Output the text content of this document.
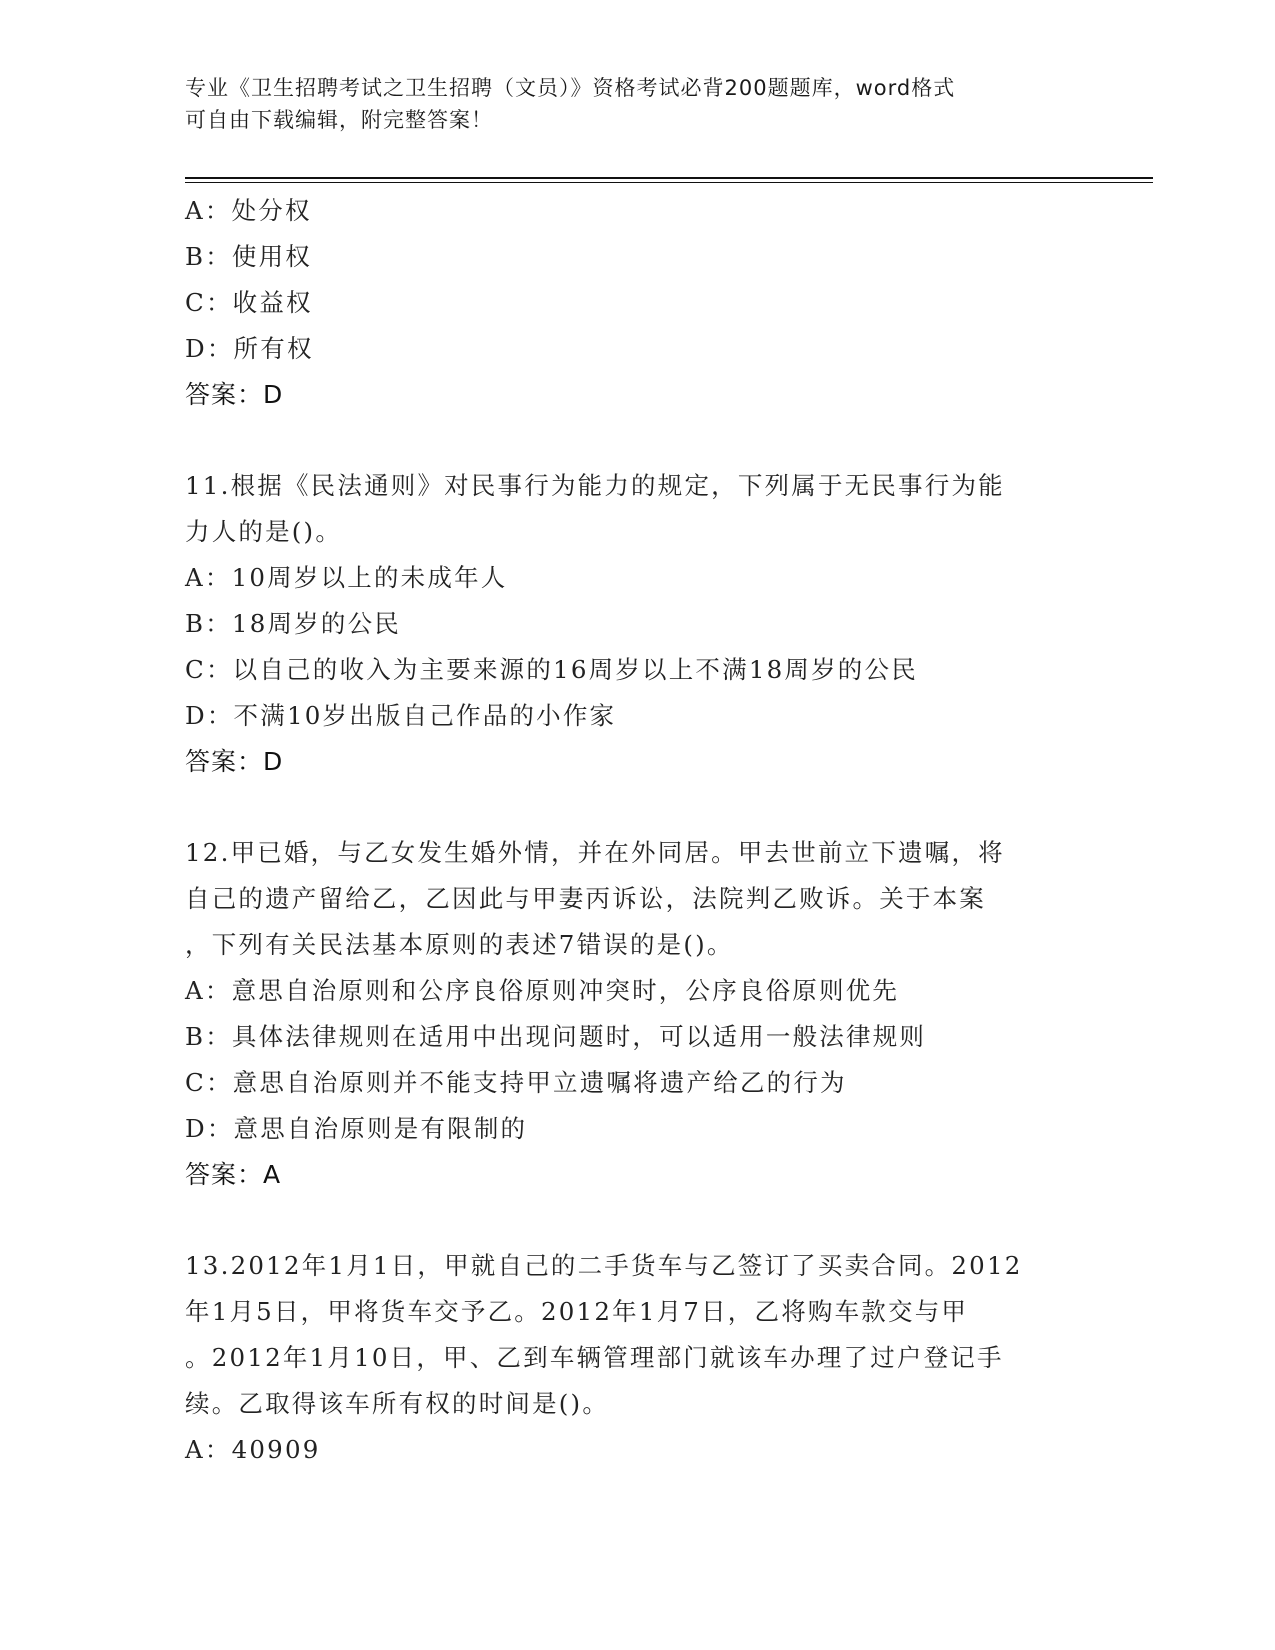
专业《卫生招聘考试之卫生招聘（文员）》资格考试必背200题题库，word格式
可自由下载编辑，附完整答案！
A：处分权
B：使用权
C：收益权
D：所有权
答案：D
11.根据《民法通则》对民事行为能力的规定，下列属于无民事行为能
力人的是()。
A：10周岁以上的未成年人
B：18周岁的公民
C：以自己的收入为主要来源的16周岁以上不满18周岁的公民
D：不满10岁出版自己作品的小作家
答案：D
12.甲已婚，与乙女发生婚外情，并在外同居。甲去世前立下遗嘱，将
自己的遗产留给乙，乙因此与甲妻丙诉讼，法院判乙败诉。关于本案
，下列有关民法基本原则的表述7错误的是()。
A：意思自治原则和公序良俗原则冲突时，公序良俗原则优先
B：具体法律规则在适用中出现问题时，可以适用一般法律规则
C：意思自治原则并不能支持甲立遗嘱将遗产给乙的行为
D：意思自治原则是有限制的
答案：A
13.2012年1月1日，甲就自己的二手货车与乙签订了买卖合同。2012
年1月5日，甲将货车交予乙。2012年1月7日，乙将购车款交与甲
。2012年1月10日，甲、乙到车辆管理部门就该车办理了过户登记手
续。乙取得该车所有权的时间是()。
A：40909
